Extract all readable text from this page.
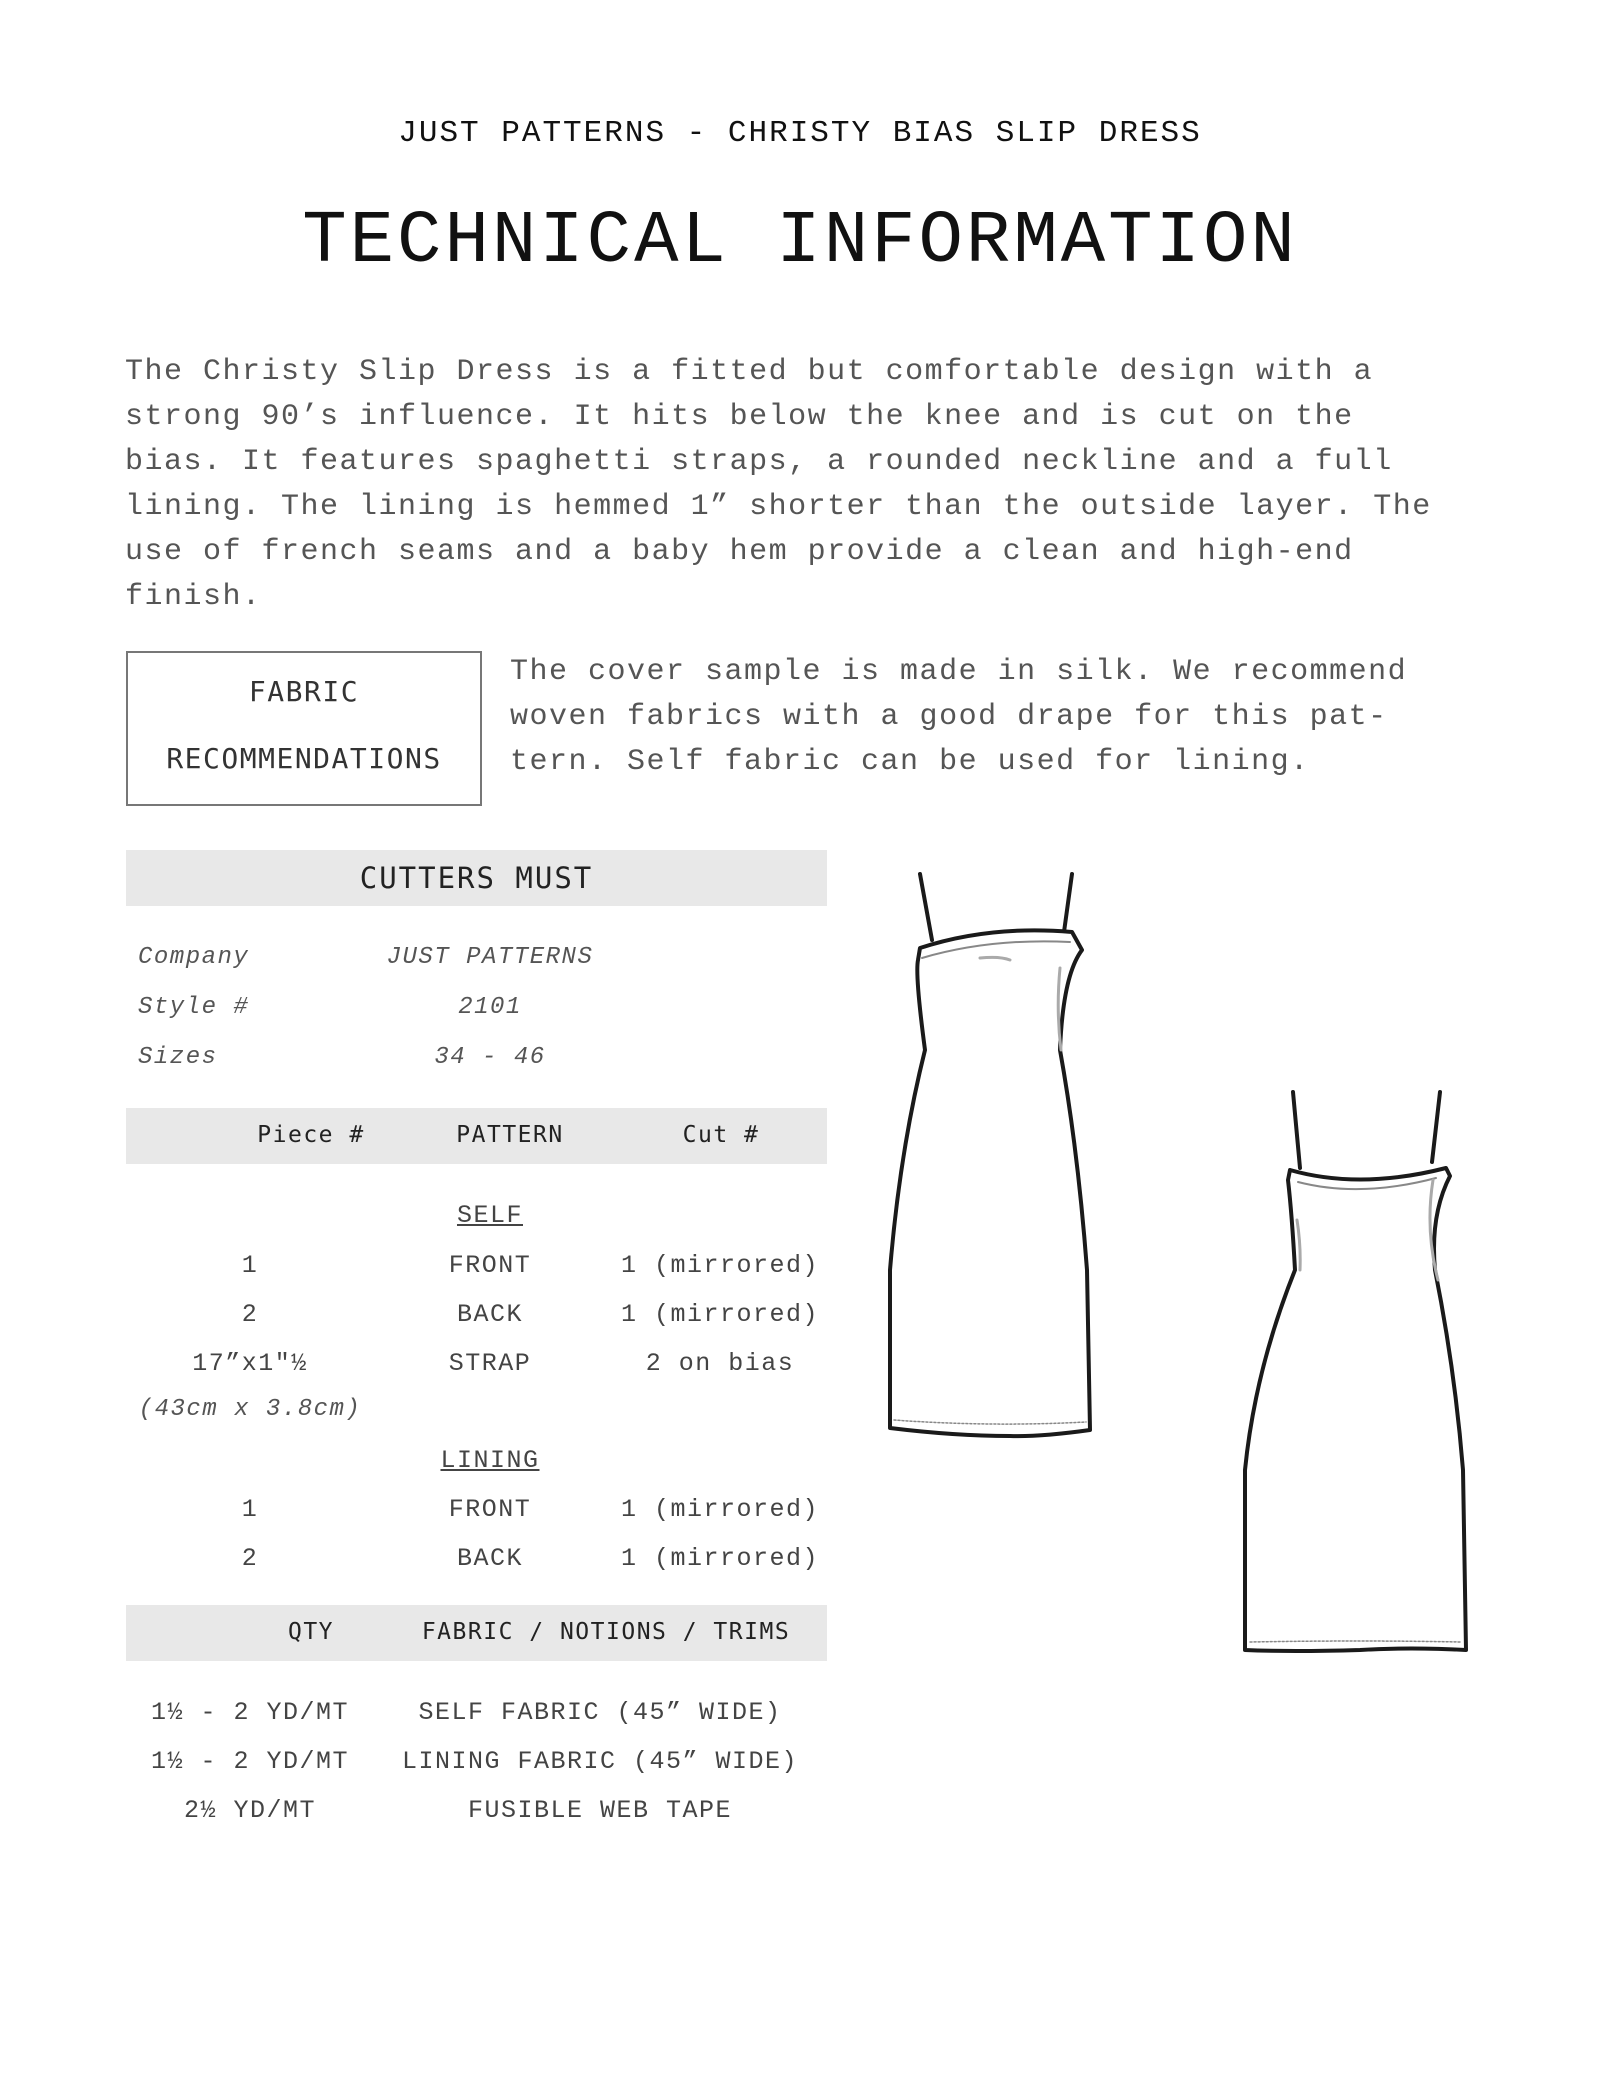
JUST PATTERNS - CHRISTY BIAS SLIP DRESS
TECHNICAL INFORMATION
The Christy Slip Dress is a fitted but comfortable design with a
strong 90’s influence. It hits below the knee and is cut on the
bias. It features spaghetti straps, a rounded neckline and a full
lining. The lining is hemmed 1” shorter than the outside layer. The
use of french seams and a baby hem provide a clean and high-end
finish.
FABRIC
RECOMMENDATIONS
The cover sample is made in silk. We recommend
woven fabrics with a good drape for this pat-
tern. Self fabric can be used for lining.
CUTTERS MUST
Company	JUST PATTERNS
Style #	2101
Sizes	34 - 46
Piece #	PATTERN	Cut #
SELF
1	FRONT	1 (mirrored)
2	BACK	1 (mirrored)
17”x1"½	STRAP	2 on bias
(43cm x 3.8cm)
LINING
1	FRONT	1 (mirrored)
2	BACK	1 (mirrored)
QTY	FABRIC / NOTIONS / TRIMS
1½ - 2 YD/MT	SELF FABRIC (45” WIDE)
1½ - 2 YD/MT	LINING FABRIC (45” WIDE)
2½ YD/MT	FUSIBLE WEB TAPE
